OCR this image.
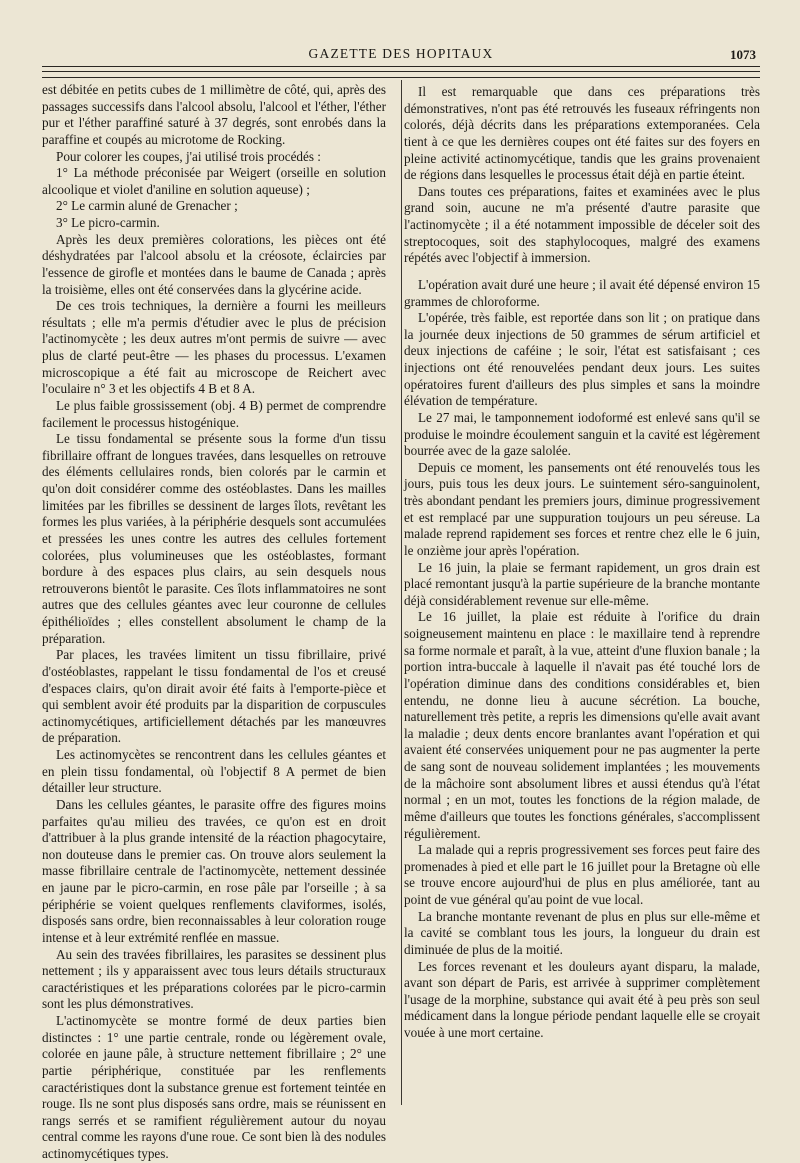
GAZETTE DES HOPITAUX	1073

est débitée en petits cubes de 1 millimètre de côté, qui, après des passages successifs dans l'alcool absolu, l'alcool et l'éther, l'éther pur et l'éther paraffiné saturé à 37 degrés, sont enrobés dans la paraffine et coupés au microtome de Rocking.

Pour colorer les coupes, j'ai utilisé trois procédés :

1° La méthode préconisée par Weigert (orseille en solution alcoolique et violet d'aniline en solution aqueuse) ;

2° Le carmin aluné de Grenacher ;

3° Le picro-carmin.

Après les deux premières colorations, les pièces ont été déshydratées par l'alcool absolu et la créosote, éclaircies par l'essence de girofle et montées dans le baume de Canada ; après la troisième, elles ont été conservées dans la glycérine acide.

De ces trois techniques, la dernière a fourni les meilleurs résultats ; elle m'a permis d'étudier avec le plus de précision l'actinomycète ; les deux autres m'ont permis de suivre — avec plus de clarté peut-être — les phases du processus. L'examen microscopique a été fait au microscope de Reichert avec l'oculaire n° 3 et les objectifs 4 B et 8 A.

Le plus faible grossissement (obj. 4 B) permet de comprendre facilement le processus histogénique.

Le tissu fondamental se présente sous la forme d'un tissu fibrillaire offrant de longues travées, dans lesquelles on retrouve des éléments cellulaires ronds, bien colorés par le carmin et qu'on doit considérer comme des ostéoblastes. Dans les mailles limitées par les fibrilles se dessinent de larges îlots, revêtant les formes les plus variées, à la périphérie desquels sont accumulées et pressées les unes contre les autres des cellules fortement colorées, plus volumineuses que les ostéoblastes, formant bordure à des espaces plus clairs, au sein desquels nous retrouverons bientôt le parasite. Ces îlots inflammatoires ne sont autres que des cellules géantes avec leur couronne de cellules épithélioïdes ; elles constellent absolument le champ de la préparation.

Par places, les travées limitent un tissu fibrillaire, privé d'ostéoblastes, rappelant le tissu fondamental de l'os et creusé d'espaces clairs, qu'on dirait avoir été faits à l'emporte-pièce et qui semblent avoir été produits par la disparition de corpuscules actinomycétiques, artificiellement détachés par les manœuvres de préparation.

Les actinomycètes se rencontrent dans les cellules géantes et en plein tissu fondamental, où l'objectif 8 A permet de bien détailler leur structure.

Dans les cellules géantes, le parasite offre des figures moins parfaites qu'au milieu des travées, ce qu'on est en droit d'attribuer à la plus grande intensité de la réaction phagocytaire, non douteuse dans le premier cas. On trouve alors seulement la masse fibrillaire centrale de l'actinomycète, nettement dessinée en jaune par le picro-carmin, en rose pâle par l'orseille ; à sa périphérie se voient quelques renflements claviformes, isolés, disposés sans ordre, bien reconnaissables à leur coloration rouge intense et à leur extrémité renflée en massue.

Au sein des travées fibrillaires, les parasites se dessinent plus nettement ; ils y apparaissent avec tous leurs détails structuraux caractéristiques et les préparations colorées par le picro-carmin sont les plus démonstratives.

L'actinomycète se montre formé de deux parties bien distinctes : 1° une partie centrale, ronde ou légèrement ovale, colorée en jaune pâle, à structure nettement fibrillaire ; 2° une partie périphérique, constituée par les renflements caractéristiques dont la substance grenue est fortement teintée en rouge. Ils ne sont plus disposés sans ordre, mais se réunissent en rangs serrés et se ramifient régulièrement autour du noyau central comme les rayons d'une roue. Ce sont bien là des nodules actinomycétiques types.

Il est remarquable que dans ces préparations très démonstratives, n'ont pas été retrouvés les fuseaux réfringents non colorés, déjà décrits dans les préparations extemporanées. Cela tient à ce que les dernières coupes ont été faites sur des foyers en pleine activité actinomycétique, tandis que les grains provenaient de régions dans lesquelles le processus était déjà en partie éteint.

Dans toutes ces préparations, faites et examinées avec le plus grand soin, aucune ne m'a présenté d'autre parasite que l'actinomycète ; il a été notamment impossible de déceler soit des streptocoques, soit des staphylocoques, malgré des examens répétés avec l'objectif à immersion.

L'opération avait duré une heure ; il avait été dépensé environ 15 grammes de chloroforme.

L'opérée, très faible, est reportée dans son lit ; on pratique dans la journée deux injections de 50 grammes de sérum artificiel et deux injections de caféine ; le soir, l'état est satisfaisant ; ces injections ont été renouvelées pendant deux jours. Les suites opératoires furent d'ailleurs des plus simples et sans la moindre élévation de température.

Le 27 mai, le tamponnement iodoformé est enlevé sans qu'il se produise le moindre écoulement sanguin et la cavité est légèrement bourrée avec de la gaze salolée.

Depuis ce moment, les pansements ont été renouvelés tous les jours, puis tous les deux jours. Le suintement séro-sanguinolent, très abondant pendant les premiers jours, diminue progressivement et est remplacé par une suppuration toujours un peu séreuse. La malade reprend rapidement ses forces et rentre chez elle le 6 juin, le onzième jour après l'opération.

Le 16 juin, la plaie se fermant rapidement, un gros drain est placé remontant jusqu'à la partie supérieure de la branche montante déjà considérablement revenue sur elle-même.

Le 16 juillet, la plaie est réduite à l'orifice du drain soigneusement maintenu en place : le maxillaire tend à reprendre sa forme normale et paraît, à la vue, atteint d'une fluxion banale ; la portion intra-buccale à laquelle il n'avait pas été touché lors de l'opération diminue dans des conditions considérables et, bien entendu, ne donne lieu à aucune sécrétion. La bouche, naturellement très petite, a repris les dimensions qu'elle avait avant la maladie ; deux dents encore branlantes avant l'opération et qui avaient été conservées uniquement pour ne pas augmenter la perte de sang sont de nouveau solidement implantées ; les mouvements de la mâchoire sont absolument libres et aussi étendus qu'à l'état normal ; en un mot, toutes les fonctions de la région malade, de même d'ailleurs que toutes les fonctions générales, s'accomplissent régulièrement.

La malade qui a repris progressivement ses forces peut faire des promenades à pied et elle part le 16 juillet pour la Bretagne où elle se trouve encore aujourd'hui de plus en plus améliorée, tant au point de vue général qu'au point de vue local.

La branche montante revenant de plus en plus sur elle-même et la cavité se comblant tous les jours, la longueur du drain est diminuée de plus de la moitié.

Les forces revenant et les douleurs ayant disparu, la malade, avant son départ de Paris, est arrivée à supprimer complètement l'usage de la morphine, substance qui avait été à peu près son seul médicament dans la longue période pendant laquelle elle se croyait vouée à une mort certaine.
